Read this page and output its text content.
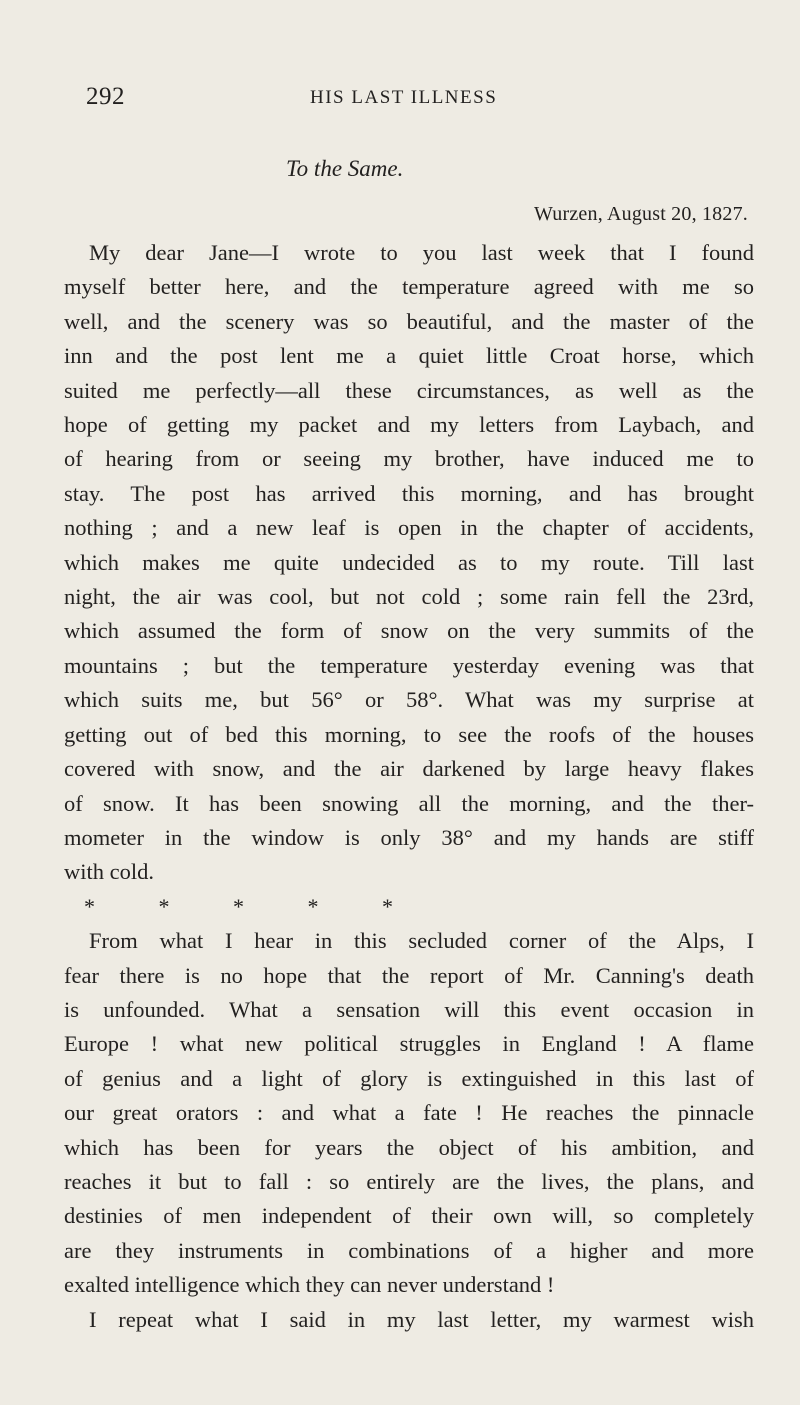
292	HIS LAST ILLNESS
To the Same.
Wurzen, August 20, 1827.
My dear Jane—I wrote to you last week that I found
myself better here, and the temperature agreed with me so
well, and the scenery was so beautiful, and the master of the
inn and the post lent me a quiet little Croat horse, which
suited me perfectly—all these circumstances, as well as the
hope of getting my packet and my letters from Laybach, and
of hearing from or seeing my brother, have induced me to
stay. The post has arrived this morning, and has brought
nothing ; and a new leaf is open in the chapter of accidents,
which makes me quite undecided as to my route. Till last
night, the air was cool, but not cold ; some rain fell the 23rd,
which assumed the form of snow on the very summits of the
mountains ; but the temperature yesterday evening was that
which suits me, but 56° or 58°. What was my surprise at
getting out of bed this morning, to see the roofs of the houses
covered with snow, and the air darkened by large heavy flakes
of snow. It has been snowing all the morning, and the ther-
mometer in the window is only 38° and my hands are stiff
with cold.
* * * * *
From what I hear in this secluded corner of the Alps, I
fear there is no hope that the report of Mr. Canning's death
is unfounded. What a sensation will this event occasion in
Europe ! what new political struggles in England ! A flame
of genius and a light of glory is extinguished in this last of
our great orators : and what a fate ! He reaches the pinnacle
which has been for years the object of his ambition, and
reaches it but to fall : so entirely are the lives, the plans, and
destinies of men independent of their own will, so completely
are they instruments in combinations of a higher and more
exalted intelligence which they can never understand !
I repeat what I said in my last letter, my warmest wish
